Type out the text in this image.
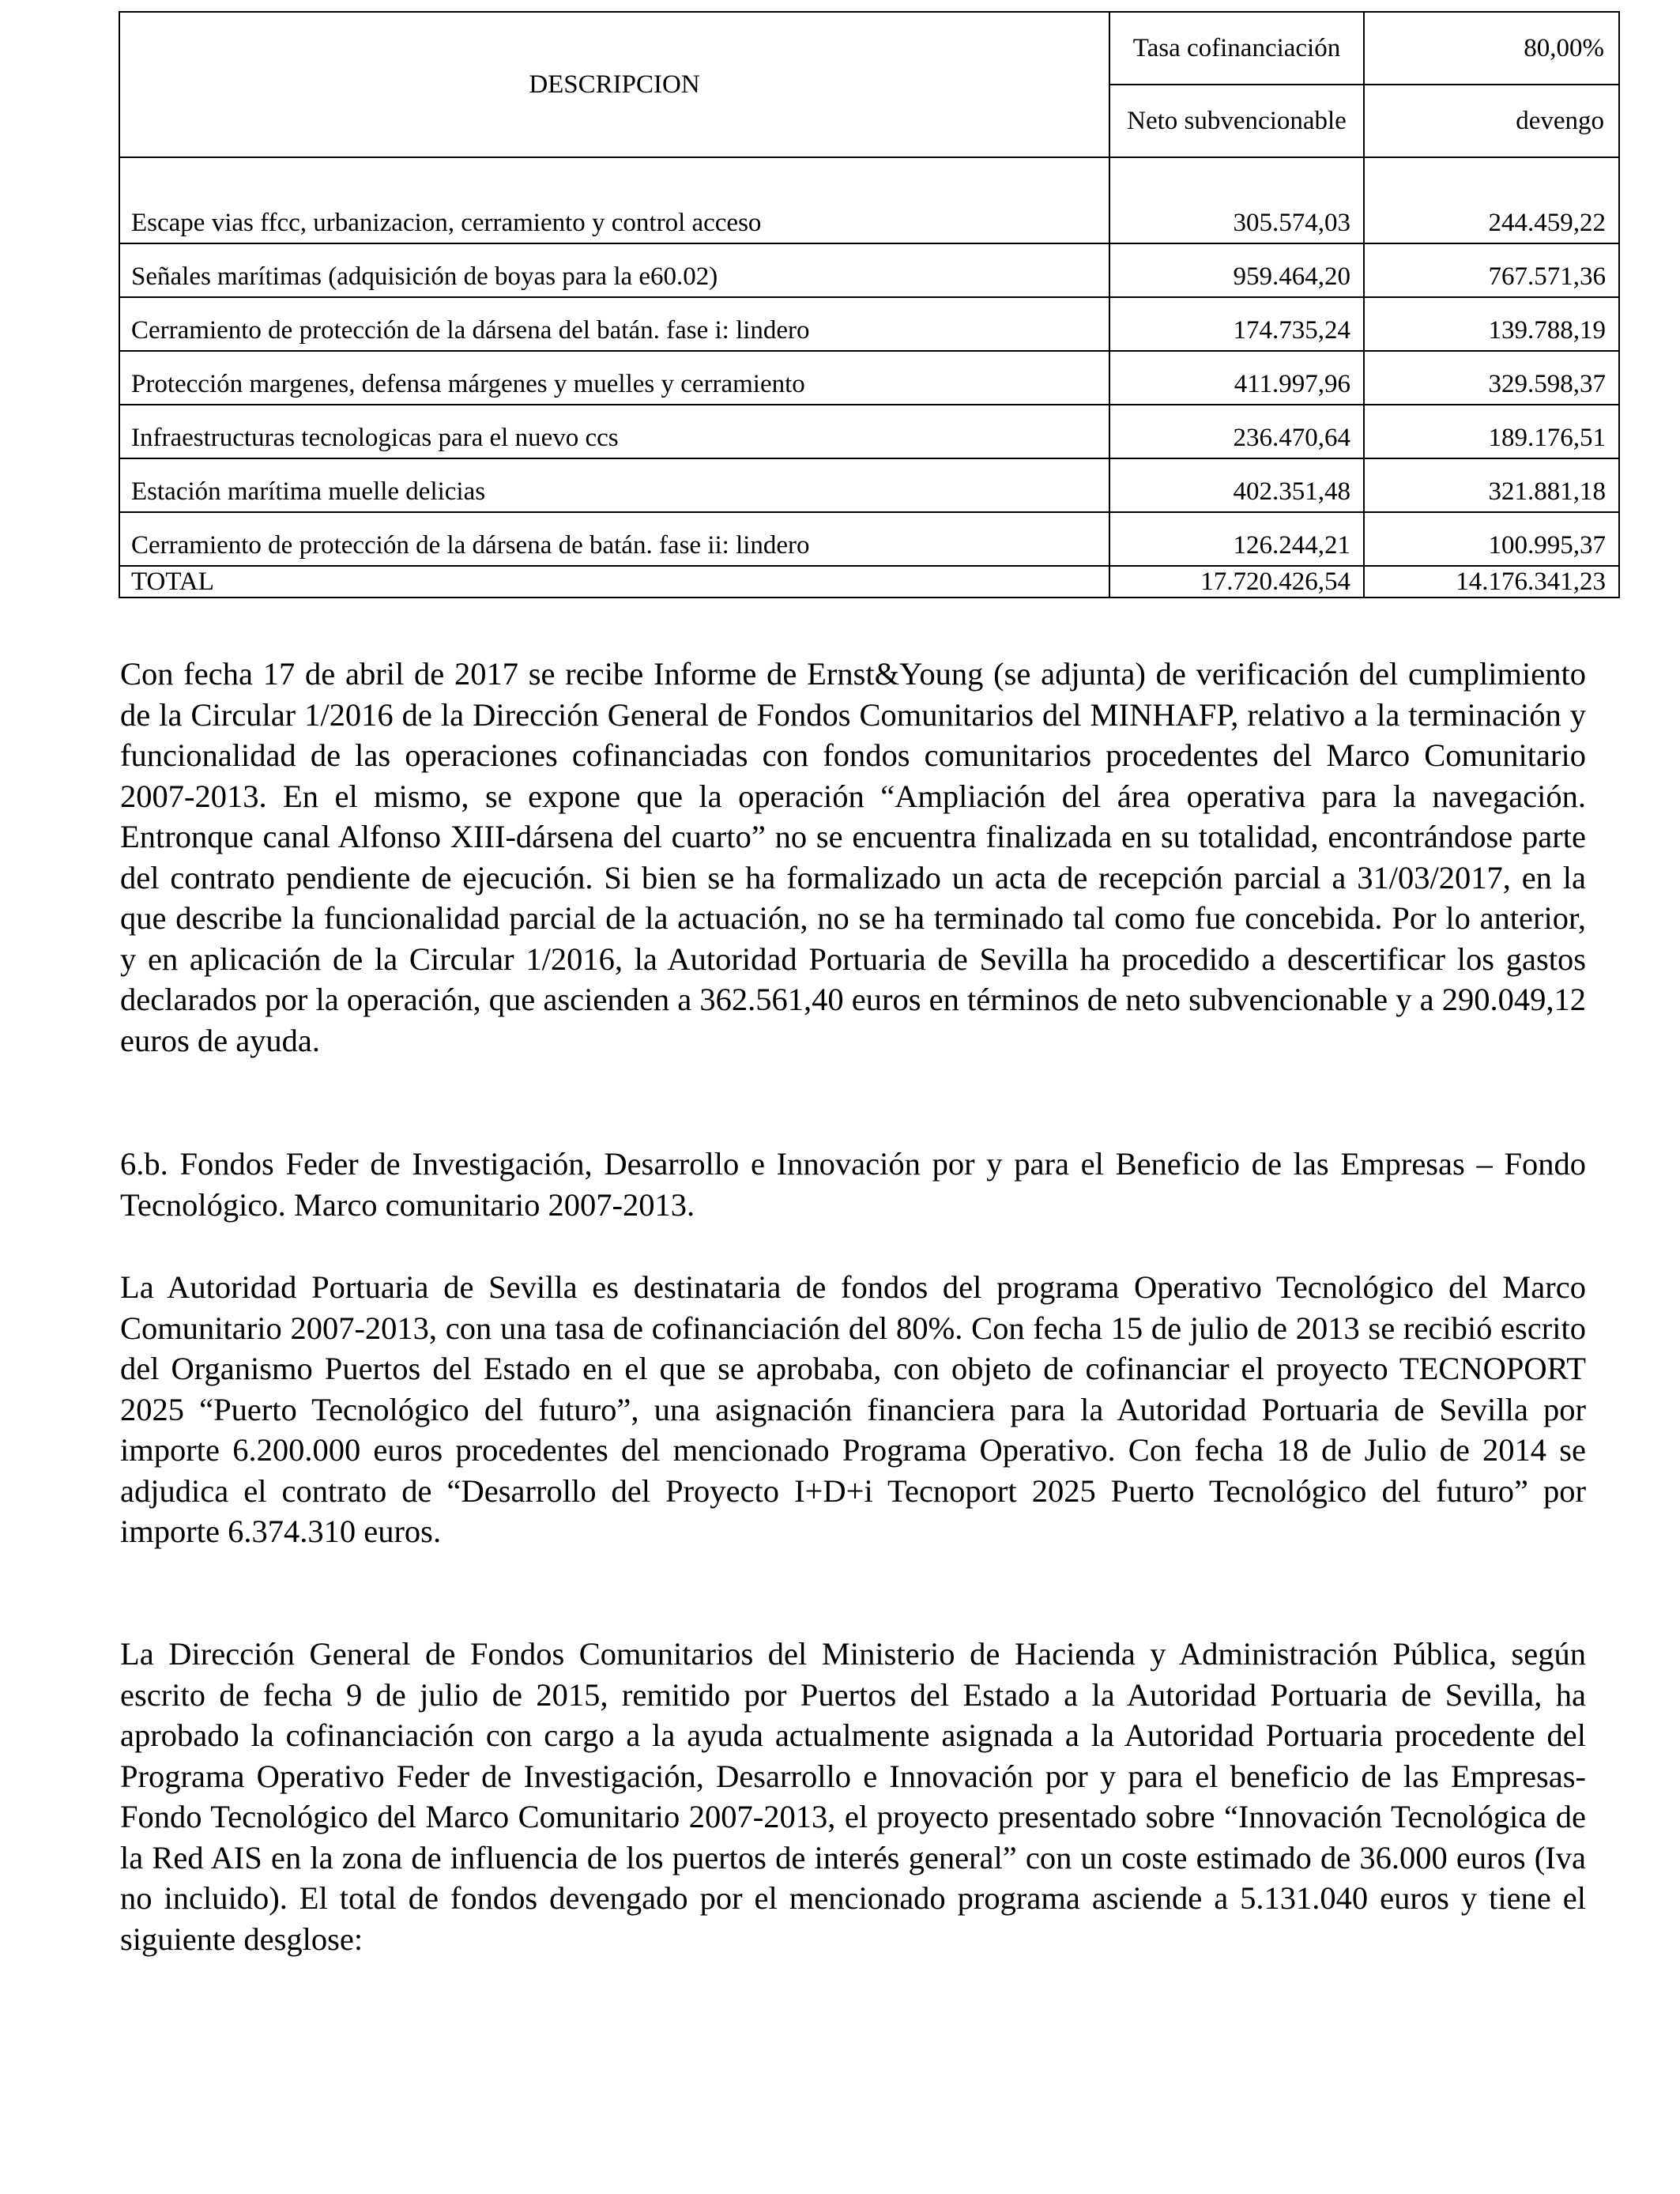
DESCRIPCION	Tasa cofinanciación	80,00%
	Neto subvencionable	devengo
Escape vias ffcc, urbanizacion, cerramiento y control acceso	305.574,03	244.459,22
Señales marítimas (adquisición de boyas para la e60.02)	959.464,20	767.571,36
Cerramiento de protección de la dársena del batán. fase i: lindero	174.735,24	139.788,19
Protección margenes, defensa márgenes y muelles y cerramiento	411.997,96	329.598,37
Infraestructuras tecnologicas para el nuevo ccs	236.470,64	189.176,51
Estación marítima muelle delicias	402.351,48	321.881,18
Cerramiento de protección de la dársena de batán. fase ii: lindero	126.244,21	100.995,37
TOTAL	17.720.426,54	14.176.341,23

Con fecha 17 de abril de 2017 se recibe Informe de Ernst&Young (se adjunta) de verificación del cumplimiento de la Circular 1/2016 de la Dirección General de Fondos Comunitarios del MINHAFP, relativo a la terminación y funcionalidad de las operaciones cofinanciadas con fondos comunitarios procedentes del Marco Comunitario 2007-2013. En el mismo, se expone que la operación “Ampliación del área operativa para la navegación. Entronque canal Alfonso XIII-dársena del cuarto” no se encuentra finalizada en su totalidad, encontrándose parte del contrato pendiente de ejecución. Si bien se ha formalizado un acta de recepción parcial a 31/03/2017, en la que describe la funcionalidad parcial de la actuación, no se ha terminado tal como fue concebida. Por lo anterior, y en aplicación de la Circular 1/2016, la Autoridad Portuaria de Sevilla ha procedido a descertificar los gastos declarados por la operación, que ascienden a 362.561,40 euros en términos de neto subvencionable y a 290.049,12 euros de ayuda.

6.b. Fondos Feder de Investigación, Desarrollo e Innovación por y para el Beneficio de las Empresas – Fondo Tecnológico. Marco comunitario 2007-2013.

La Autoridad Portuaria de Sevilla es destinataria de fondos del programa Operativo Tecnológico del Marco Comunitario 2007-2013, con una tasa de cofinanciación del 80%. Con fecha 15 de julio de 2013 se recibió escrito del Organismo Puertos del Estado en el que se aprobaba, con objeto de cofinanciar el proyecto TECNOPORT 2025 “Puerto Tecnológico del futuro”, una asignación financiera para la Autoridad Portuaria de Sevilla por importe 6.200.000 euros procedentes del mencionado Programa Operativo. Con fecha 18 de Julio de 2014 se adjudica el contrato de “Desarrollo del Proyecto I+D+i Tecnoport 2025 Puerto Tecnológico del futuro” por importe 6.374.310 euros.

La Dirección General de Fondos Comunitarios del Ministerio de Hacienda y Administración Pública, según escrito de fecha 9 de julio de 2015, remitido por Puertos del Estado a la Autoridad Portuaria de Sevilla, ha aprobado la cofinanciación con cargo a la ayuda actualmente asignada a la Autoridad Portuaria procedente del Programa Operativo Feder de Investigación, Desarrollo e Innovación por y para el beneficio de las Empresas-Fondo Tecnológico del Marco Comunitario 2007-2013, el proyecto presentado sobre “Innovación Tecnológica de la Red AIS en la zona de influencia de los puertos de interés general” con un coste estimado de 36.000 euros (Iva no incluido). El total de fondos devengado por el mencionado programa asciende a 5.131.040 euros y tiene el siguiente desglose:
